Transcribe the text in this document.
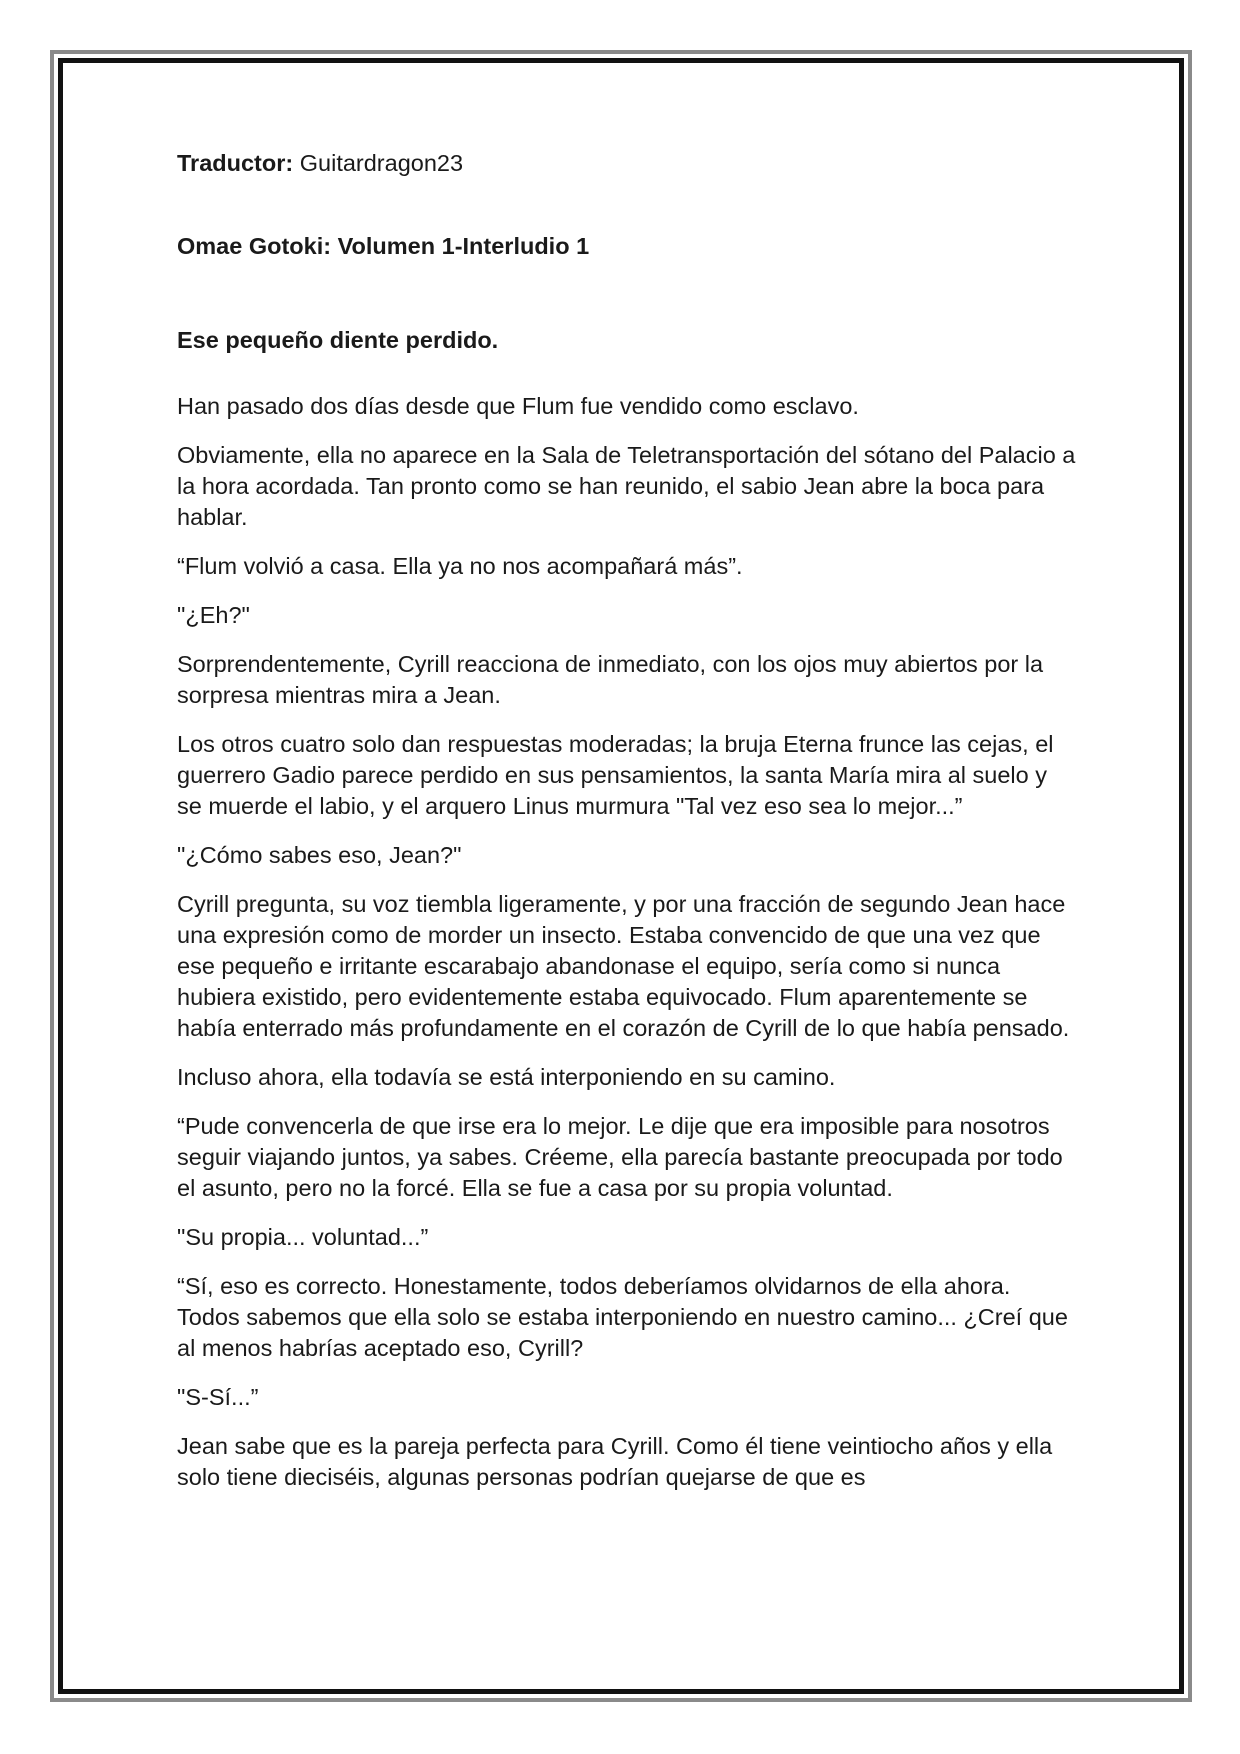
Traductor: Guitardragon23

Omae Gotoki: Volumen 1-Interludio 1

Ese pequeño diente perdido.

Han pasado dos días desde que Flum fue vendido como esclavo.

Obviamente, ella no aparece en la Sala de Teletransportación del sótano del Palacio a la hora acordada. Tan pronto como se han reunido, el sabio Jean abre la boca para hablar.

“Flum volvió a casa. Ella ya no nos acompañará más”.

"¿Eh?"

Sorprendentemente, Cyrill reacciona de inmediato, con los ojos muy abiertos por la sorpresa mientras mira a Jean.

Los otros cuatro solo dan respuestas moderadas; la bruja Eterna frunce las cejas, el guerrero Gadio parece perdido en sus pensamientos, la santa María mira al suelo y se muerde el labio, y el arquero Linus murmura "Tal vez eso sea lo mejor...”

"¿Cómo sabes eso, Jean?"

Cyrill pregunta, su voz tiembla ligeramente, y por una fracción de segundo Jean hace una expresión como de morder un insecto. Estaba convencido de que una vez que ese pequeño e irritante escarabajo abandonase el equipo, sería como si nunca hubiera existido, pero evidentemente estaba equivocado. Flum aparentemente se había enterrado más profundamente en el corazón de Cyrill de lo que había pensado.

Incluso ahora, ella todavía se está interponiendo en su camino.

“Pude convencerla de que irse era lo mejor. Le dije que era imposible para nosotros seguir viajando juntos, ya sabes. Créeme, ella parecía bastante preocupada por todo el asunto, pero no la forcé. Ella se fue a casa por su propia voluntad.

"Su propia... voluntad...”

“Sí, eso es correcto. Honestamente, todos deberíamos olvidarnos de ella ahora. Todos sabemos que ella solo se estaba interponiendo en nuestro camino... ¿Creí que al menos habrías aceptado eso, Cyrill?

"S-Sí...”

Jean sabe que es la pareja perfecta para Cyrill. Como él tiene veintiocho años y ella solo tiene dieciséis, algunas personas podrían quejarse de que es
